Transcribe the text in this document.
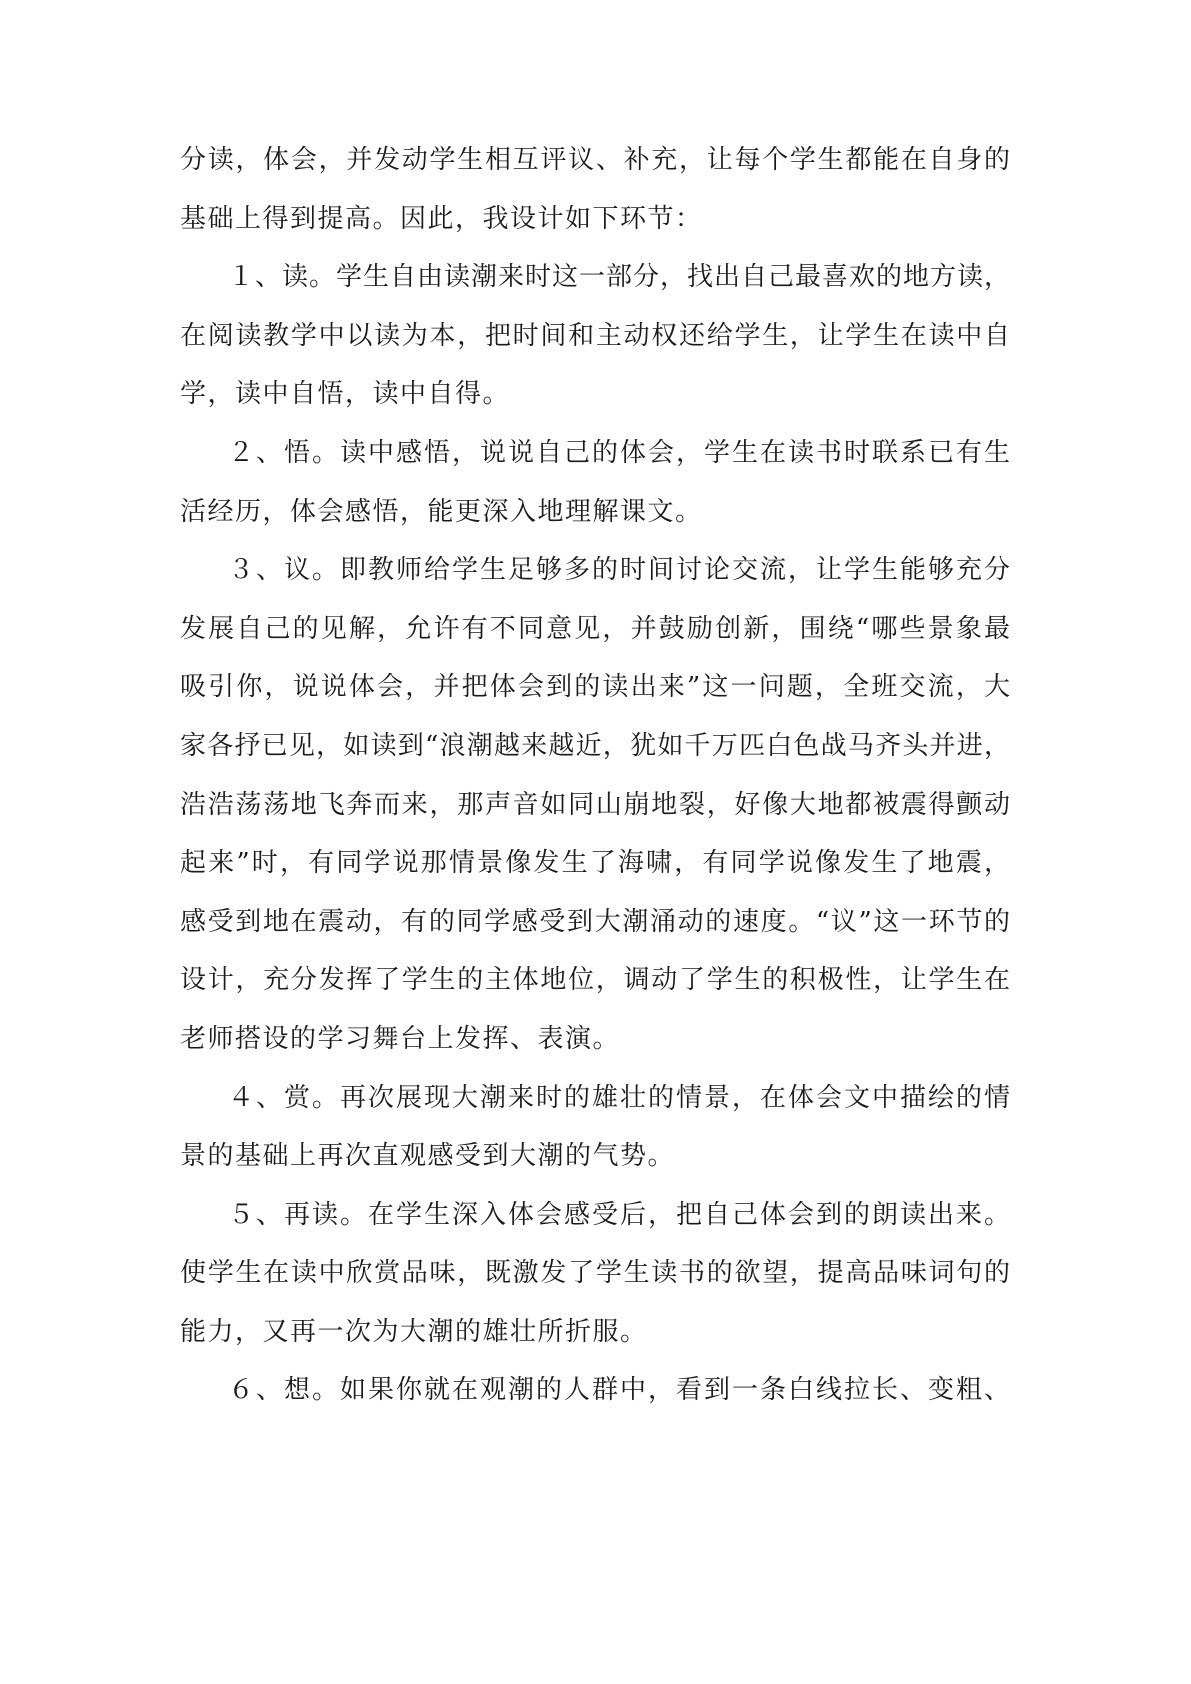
分读，体会，并发动学生相互评议、补充，让每个学生都能在自身的
基础上得到提高。因此，我设计如下环节：
１、读。学生自由读潮来时这一部分，找出自己最喜欢的地方读，
在阅读教学中以读为本，把时间和主动权还给学生，让学生在读中自
学，读中自悟，读中自得。
２、悟。读中感悟，说说自己的体会，学生在读书时联系已有生
活经历，体会感悟，能更深入地理解课文。
３、议。即教师给学生足够多的时间讨论交流，让学生能够充分
发展自己的见解，允许有不同意见，并鼓励创新，围绕“哪些景象最
吸引你，说说体会，并把体会到的读出来”这一问题，全班交流，大
家各抒已见，如读到“浪潮越来越近，犹如千万匹白色战马齐头并进，
浩浩荡荡地飞奔而来，那声音如同山崩地裂，好像大地都被震得颤动
起来”时，有同学说那情景像发生了海啸，有同学说像发生了地震，
感受到地在震动，有的同学感受到大潮涌动的速度。“议”这一环节的
设计，充分发挥了学生的主体地位，调动了学生的积极性，让学生在
老师搭设的学习舞台上发挥、表演。
４、赏。再次展现大潮来时的雄壮的情景，在体会文中描绘的情
景的基础上再次直观感受到大潮的气势。
５、再读。在学生深入体会感受后，把自己体会到的朗读出来。
使学生在读中欣赏品味，既激发了学生读书的欲望，提高品味词句的
能力，又再一次为大潮的雄壮所折服。
６、想。如果你就在观潮的人群中，看到一条白线拉长、变粗、
